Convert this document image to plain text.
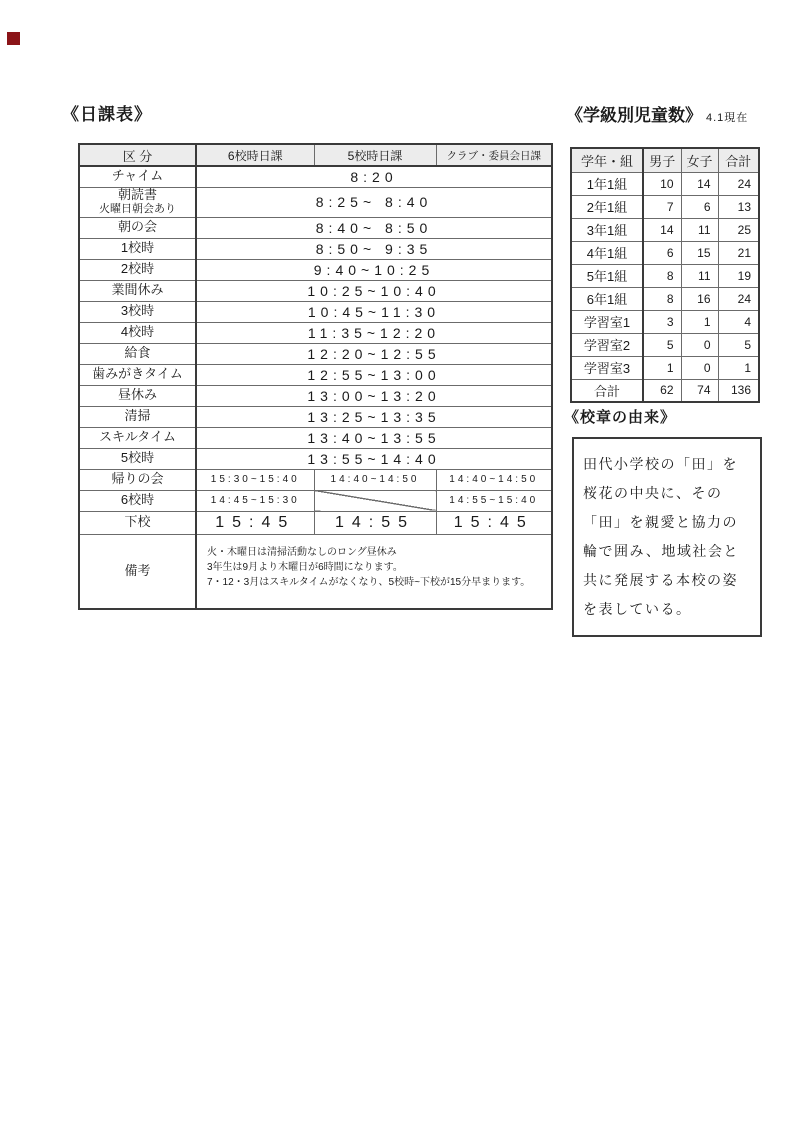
《日課表》	《学級別児童数》 4.1現在
区 分	6校時日課	5校時日課	クラブ・委員会日課
チャイム	8:20		

朝読書
火曜日朝会あり	8:25~ 8:40		
朝の会	8:40~ 8:50		
1校時	8:50~ 9:35		
2校時	9:40~10:25		
業間休み	10:25~10:40		
3校時	10:45~11:30		
4校時	11:35~12:20		
給食	12:20~12:55		
歯みがきタイム	12:55~13:00		
昼休み	13:00~13:20		
清掃	13:25~13:35		
スキルタイム	13:40~13:55		
5校時	13:55~14:40		
帰りの会	15:30~15:40	14:40~14:50	14:40~14:50
6校時	14:45~15:30		14:55~15:40
下校	15:45	14:55	15:45
備考	火・木曜日は清掃活動なしのロング昼休み
3年生は9月より木曜日が6時間になります。
7・12・3月はスキルタイムがなくなり、5校時~下校が15分早まります。		
学年・組	男子	女子	合計
1年1組	10	14	24
2年1組	7	6	13
3年1組	14	11	25
4年1組	6	15	21
5年1組	8	11	19
6年1組	8	16	24
学習室1	3	1	4
学習室2	5	0	5
学習室3	1	0	1
合計	62	74	136
《校章の由来》
田代小学校の「田」を桜花の中央に、その「田」を親愛と協力の輪で囲み、地域社会と共に発展する本校の姿を表している。
